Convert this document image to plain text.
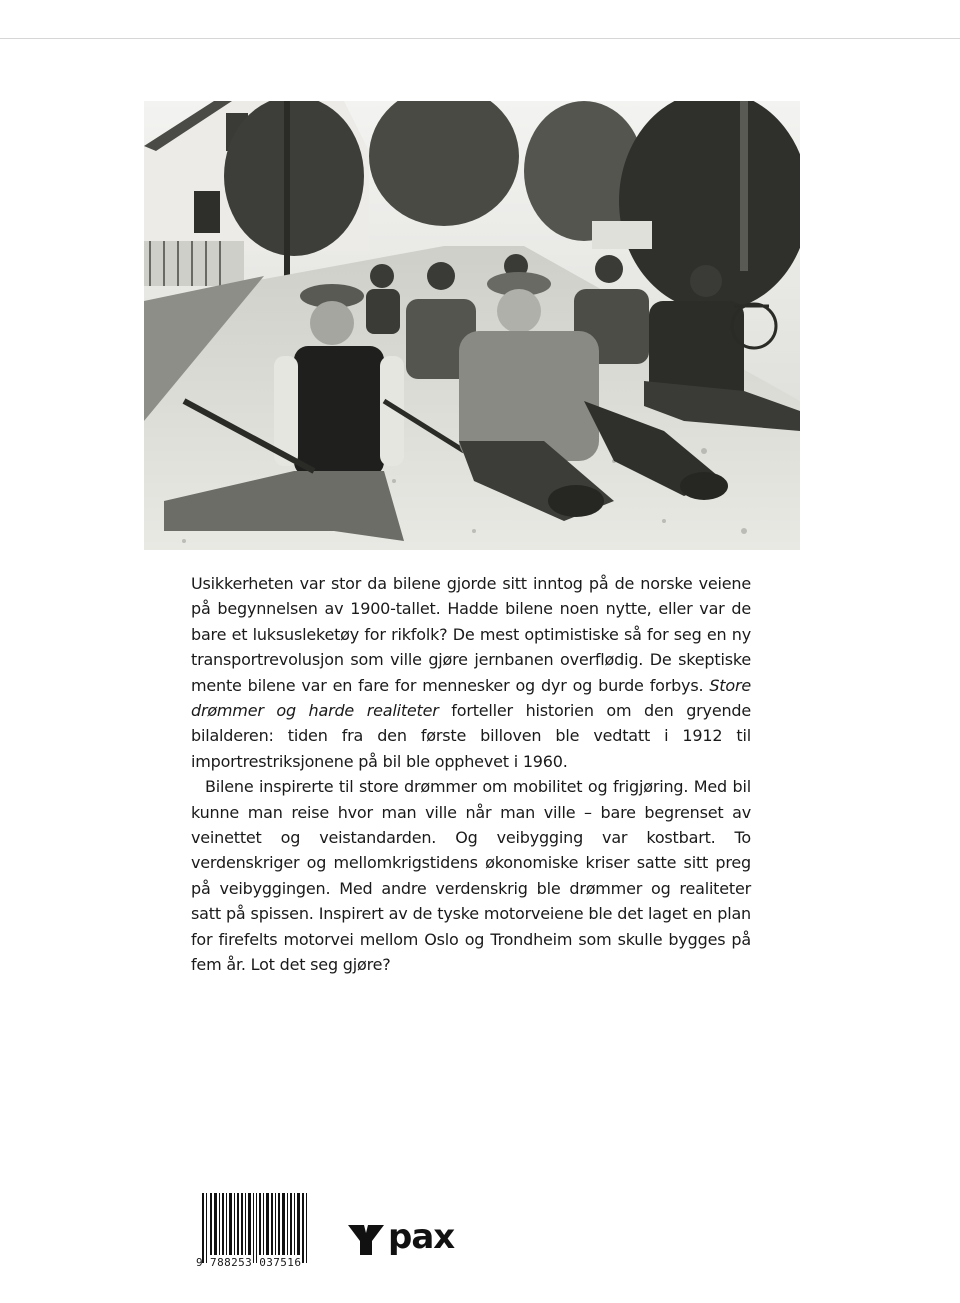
Usikkerheten var stor da bilene gjorde sitt inntog på de norske veiene på begynnelsen av 1900-tallet. Hadde bilene noen nytte, eller var de bare et luksusleketøy for rikfolk? De mest optimistiske så for seg en ny transportrevolusjon som ville gjøre jernbanen overflødig. De skeptiske mente bilene var en fare for mennesker og dyr og burde forbys. Store drømmer og harde realiteter forteller historien om den gryende bilalderen: tiden fra den første billoven ble vedtatt i 1912 til importrestriksjonene på bil ble opphevet i 1960.

Bilene inspirerte til store drømmer om mobilitet og frigjøring. Med bil kunne man reise hvor man ville når man ville – bare begrenset av veinettet og veistandarden. Og veibygging var kostbart. To verdenskriger og mellomkrigstidens økonomiske kriser satte sitt preg på veibyggingen. Med andre verdenskrig ble drømmer og realiteter satt på spissen. Inspirert av de tyske motorveiene ble det laget en plan for firefelts motorvei mellom Oslo og Trondheim som skulle bygges på fem år. Lot det seg gjøre?

9 788253 037516
pax
